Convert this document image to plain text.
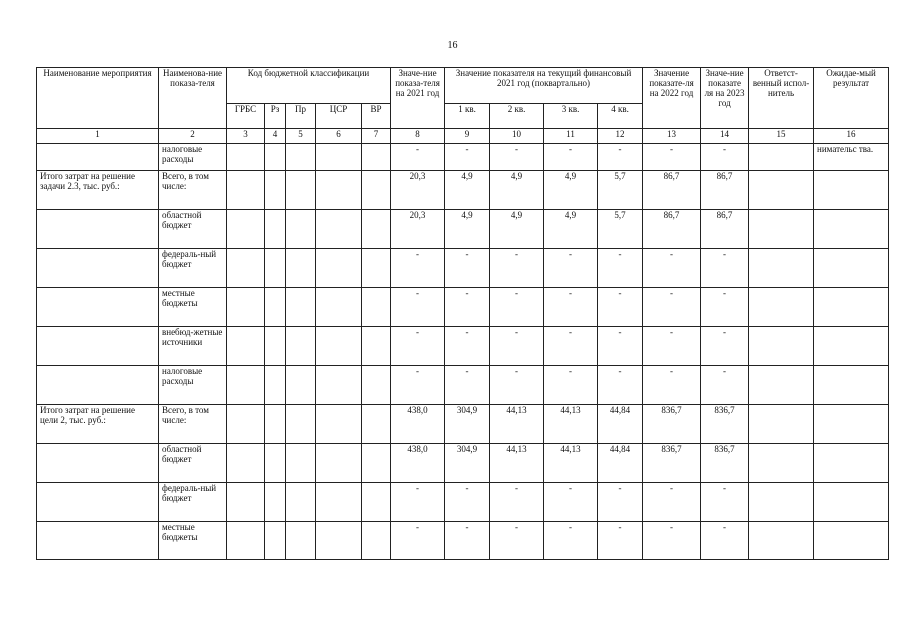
16
Наименование мероприятия	Наименова-ние показа-теля	Код бюджетной классификации					Значе-ние показа-теля на 2021 год	Значение показателя на текущий финансовый 2021 год (поквартально)				Значение показате-ля на 2022 год	Значе-ние показате ля на 2023 год	Ответст-венный испол-нитель	Ожидае-мый результат
		ГРБС	Рз	Пр	ЦСР	ВР		1 кв.	2 кв.	3 кв.	4 кв.				
1	2	3	4	5	6	7	8	9	10	11	12	13	14	15	16
	налоговые расходы						-	-	-	-	-	-	-		нимательс тва.
Итого затрат на решение задачи 2.3, тыс. руб.:	Всего, в том числе:						20,3	4,9	4,9	4,9	5,7	86,7	86,7		
	областной бюджет						20,3	4,9	4,9	4,9	5,7	86,7	86,7		
	федераль-ный бюджет						-	-	-	-	-	-	-		
	местные бюджеты						-	-	-	-	-	-	-		
	внебюд-жетные источники						-	-	-	-	-	-	-		
	налоговые расходы						-	-	-	-	-	-	-		
Итого затрат на решение цели 2, тыс. руб.:	Всего, в том числе:						438,0	304,9	44,13	44,13	44,84	836,7	836,7		
	областной бюджет						438,0	304,9	44,13	44,13	44,84	836,7	836,7		
	федераль-ный бюджет						-	-	-	-	-	-	-		
	местные бюджеты						-	-	-	-	-	-	-		
